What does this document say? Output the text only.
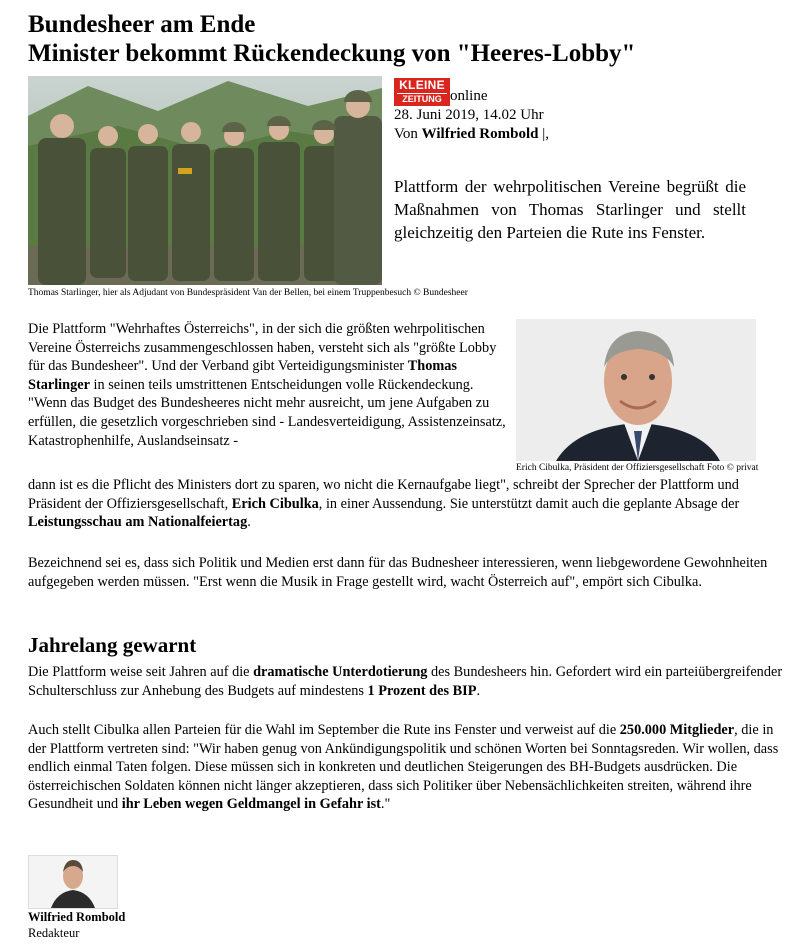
Bundesheer am Ende
Minister bekommt Rückendeckung von "Heeres-Lobby"
Thomas Starlinger, hier als Adjudant von Bundespräsident Van der Bellen, bei einem Truppenbesuch © Bundesheer
KLEINE
ZEITUNG online
28. Juni 2019, 14.02 Uhr
Von Wilfried Rombold |,

Plattform der wehrpolitischen Vereine begrüßt die Maßnahmen von Thomas Starlinger und stellt gleichzeitig den Parteien die Rute ins Fenster.

Die Plattform "Wehrhaftes Österreichs", in der sich die größten wehrpolitischen Vereine Österreichs zusammengeschlossen haben, versteht sich als "größte Lobby für das Bundesheer". Und der Verband gibt Verteidigungsminister Thomas Starlinger in seinen teils umstrittenen Entscheidungen volle Rückendeckung.
"Wenn das Budget des Bundesheeres nicht mehr ausreicht, um jene Aufgaben zu erfüllen, die gesetzlich vorgeschrieben sind - Landesverteidigung, Assistenzeinsatz, Katastrophenhilfe, Auslandseinsatz -

Erich Cibulka, Präsident der Offiziersgesellschaft Foto © privat

dann ist es die Pflicht des Ministers dort zu sparen, wo nicht die Kernaufgabe liegt", schreibt der Sprecher der Plattform und Präsident der Offiziersgesellschaft, Erich Cibulka, in einer Aussendung. Sie unterstützt damit auch die geplante Absage der Leistungsschau am Nationalfeiertag.

Bezeichnend sei es, dass sich Politik und Medien erst dann für das Budnesheer interessieren, wenn liebgewordene Gewohnheiten aufgegeben werden müssen. "Erst wenn die Musik in Frage gestellt wird, wacht Österreich auf", empört sich Cibulka.

Jahrelang gewarnt

Die Plattform weise seit Jahren auf die dramatische Unterdotierung des Bundesheers hin. Gefordert wird ein parteiübergreifender Schulterschluss zur Anhebung des Budgets auf mindestens 1 Prozent des BIP.

Auch stellt Cibulka allen Parteien für die Wahl im September die Rute ins Fenster und verweist auf die 250.000 Mitglieder, die in der Plattform vertreten sind: "Wir haben genug von Ankündigungspolitik und schönen Worten bei Sonntagsreden. Wir wollen, dass endlich einmal Taten folgen. Diese müssen sich in konkreten und deutlichen Steigerungen des BH-Budgets ausdrücken. Die österreichischen Soldaten können nicht länger akzeptieren, dass sich Politiker über Nebensächlichkeiten streiten, während ihre Gesundheit und ihr Leben wegen Geldmangel in Gefahr ist."

Wilfried Rombold
Redakteur
